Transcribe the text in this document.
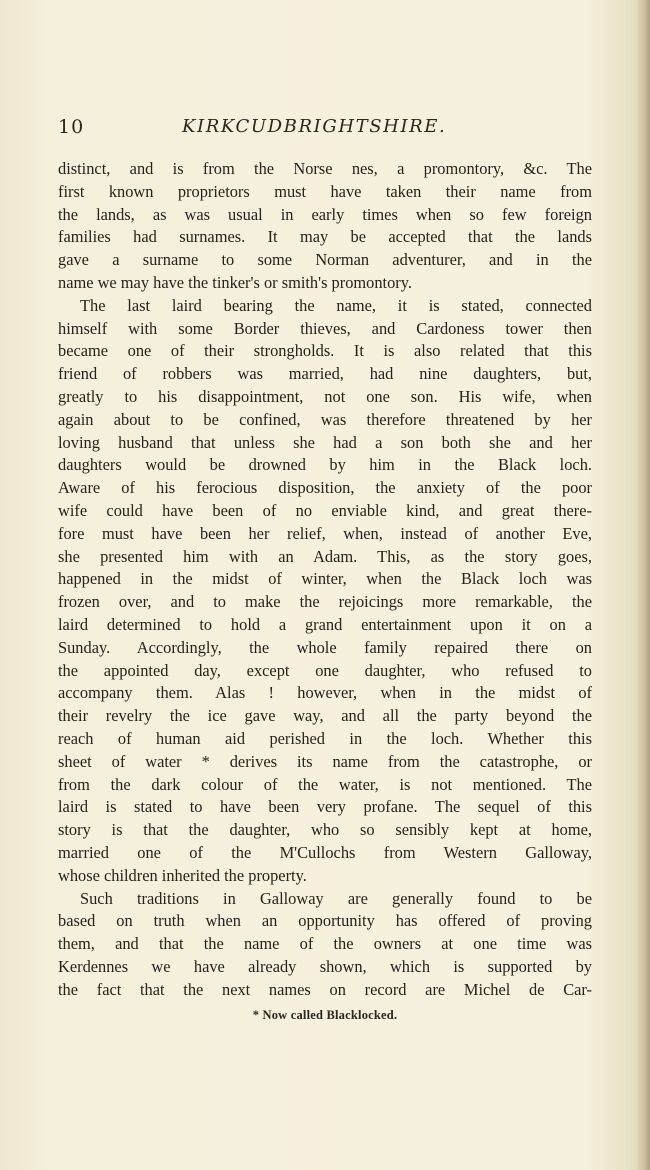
10	KIRKCUDBRIGHTSHIRE.
distinct, and is from the Norse nes, a promontory, &c. The
first known proprietors must have taken their name from
the lands, as was usual in early times when so few foreign
families had surnames. It may be accepted that the lands
gave a surname to some Norman adventurer, and in the
name we may have the tinker's or smith's promontory.
The last laird bearing the name, it is stated, connected
himself with some Border thieves, and Cardoness tower then
became one of their strongholds. It is also related that this
friend of robbers was married, had nine daughters, but,
greatly to his disappointment, not one son. His wife, when
again about to be confined, was therefore threatened by her
loving husband that unless she had a son both she and her
daughters would be drowned by him in the Black loch.
Aware of his ferocious disposition, the anxiety of the poor
wife could have been of no enviable kind, and great there-
fore must have been her relief, when, instead of another Eve,
she presented him with an Adam. This, as the story goes,
happened in the midst of winter, when the Black loch was
frozen over, and to make the rejoicings more remarkable, the
laird determined to hold a grand entertainment upon it on a
Sunday. Accordingly, the whole family repaired there on
the appointed day, except one daughter, who refused to
accompany them. Alas ! however, when in the midst of
their revelry the ice gave way, and all the party beyond the
reach of human aid perished in the loch. Whether this
sheet of water * derives its name from the catastrophe, or
from the dark colour of the water, is not mentioned. The
laird is stated to have been very profane. The sequel of this
story is that the daughter, who so sensibly kept at home,
married one of the M'Cullochs from Western Galloway,
whose children inherited the property.
Such traditions in Galloway are generally found to be
based on truth when an opportunity has offered of proving
them, and that the name of the owners at one time was
Kerdennes we have already shown, which is supported by
the fact that the next names on record are Michel de Car-
* Now called Blacklocked.
